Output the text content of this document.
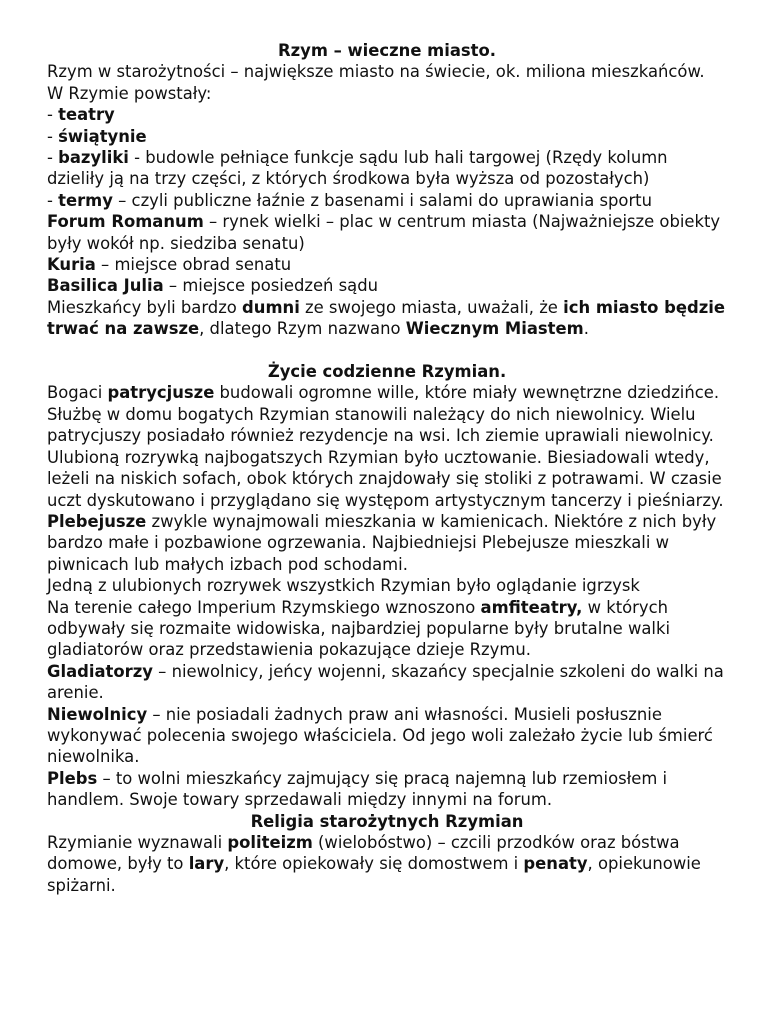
Rzym – wieczne miasto.

Rzym w starożytności – największe miasto na świecie, ok. miliona mieszkańców.

W Rzymie powstały:

- teatry

- świątynie

- bazyliki - budowle pełniące funkcje sądu lub hali targowej (Rzędy kolumn dzieliły ją na trzy części, z których środkowa była wyższa od pozostałych)

- termy – czyli publiczne łaźnie z basenami i salami do uprawiania sportu

Forum Romanum – rynek wielki – plac w centrum miasta (Najważniejsze obiekty były wokół np. siedziba senatu)

Kuria – miejsce obrad senatu

Basilica Julia – miejsce posiedzeń sądu

Mieszkańcy byli bardzo dumni ze swojego miasta, uważali, że ich miasto będzie trwać na zawsze, dlatego Rzym nazwano Wiecznym Miastem.

Życie codzienne Rzymian.

Bogaci patrycjusze budowali ogromne wille, które miały wewnętrzne dziedzińce. Służbę w domu bogatych Rzymian stanowili należący do nich niewolnicy. Wielu patrycjuszy posiadało również rezydencje na wsi. Ich ziemie uprawiali niewolnicy. Ulubioną rozrywką najbogatszych Rzymian było ucztowanie. Biesiadowali wtedy, leżeli na niskich sofach, obok których znajdowały się stoliki z potrawami. W czasie uczt dyskutowano i przyglądano się występom artystycznym tancerzy i pieśniarzy.

Plebejusze zwykle wynajmowali mieszkania w kamienicach. Niektóre z nich były bardzo małe i pozbawione ogrzewania. Najbiedniejsi Plebejusze mieszkali w piwnicach lub małych izbach pod schodami.

Jedną z ulubionych rozrywek wszystkich Rzymian było oglądanie igrzysk

Na terenie całego Imperium Rzymskiego wznoszono amfiteatry, w których odbywały się rozmaite widowiska, najbardziej popularne były brutalne walki gladiatorów oraz przedstawienia pokazujące dzieje Rzymu.

Gladiatorzy – niewolnicy, jeńcy wojenni, skazańcy specjalnie szkoleni do walki na arenie.

Niewolnicy – nie posiadali żadnych praw ani własności. Musieli posłusznie wykonywać polecenia swojego właściciela. Od jego woli zależało życie lub śmierć niewolnika.

Plebs – to wolni mieszkańcy zajmujący się pracą najemną lub rzemiosłem i handlem. Swoje towary sprzedawali między innymi na forum.

Religia starożytnych Rzymian

Rzymianie wyznawali politeizm (wielobóstwo) – czcili przodków oraz bóstwa domowe, były to lary, które opiekowały się domostwem i penaty, opiekunowie spiżarni.
